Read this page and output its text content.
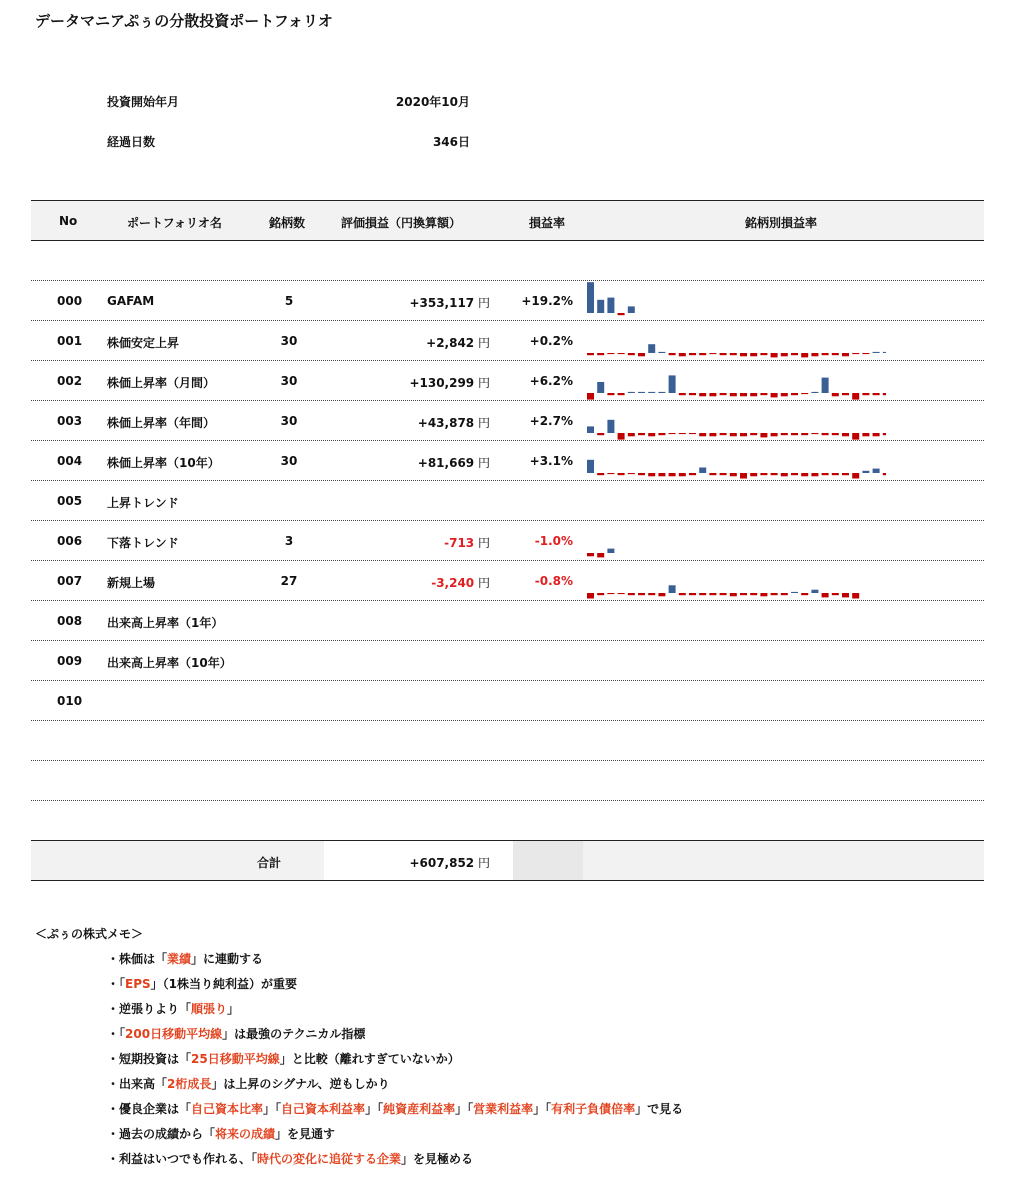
データマニアぷぅの分散投資ポートフォリオ
投資開始年月	2020年10月
経過日数	346日
No	ポートフォリオ名	銘柄数	評価損益（円換算額）	損益率	銘柄別損益率
000 GAFAM	5	+353,117 円	+19.2%
001 株価安定上昇	30	+2,842 円	+0.2%
002 株価上昇率（月間）	30	+130,299 円	+6.2%
003 株価上昇率（年間）	30	+43,878 円	+2.7%
004 株価上昇率（10年）	30	+81,669 円	+3.1%
005 上昇トレンド
006 下落トレンド	3	-713 円	-1.0%
007 新規上場	27	-3,240 円	-0.8%
008 出来高上昇率（1年）
009 出来高上昇率（10年）
010
合計	+607,852 円
＜ぷぅの株式メモ＞
・株価は「業績」に連動する
・「EPS」（1株当り純利益）が重要
・逆張りより「順張り」
・「200日移動平均線」は最強のテクニカル指標
・短期投資は「25日移動平均線」と比較（離れすぎていないか）
・出来高「2桁成長」は上昇のシグナル、逆もしかり
・優良企業は「自己資本比率」「自己資本利益率」「純資産利益率」「営業利益率」「有利子負債倍率」で見る
・過去の成績から「将来の成績」を見通す
・利益はいつでも作れる、「時代の変化に追従する企業」を見極める
